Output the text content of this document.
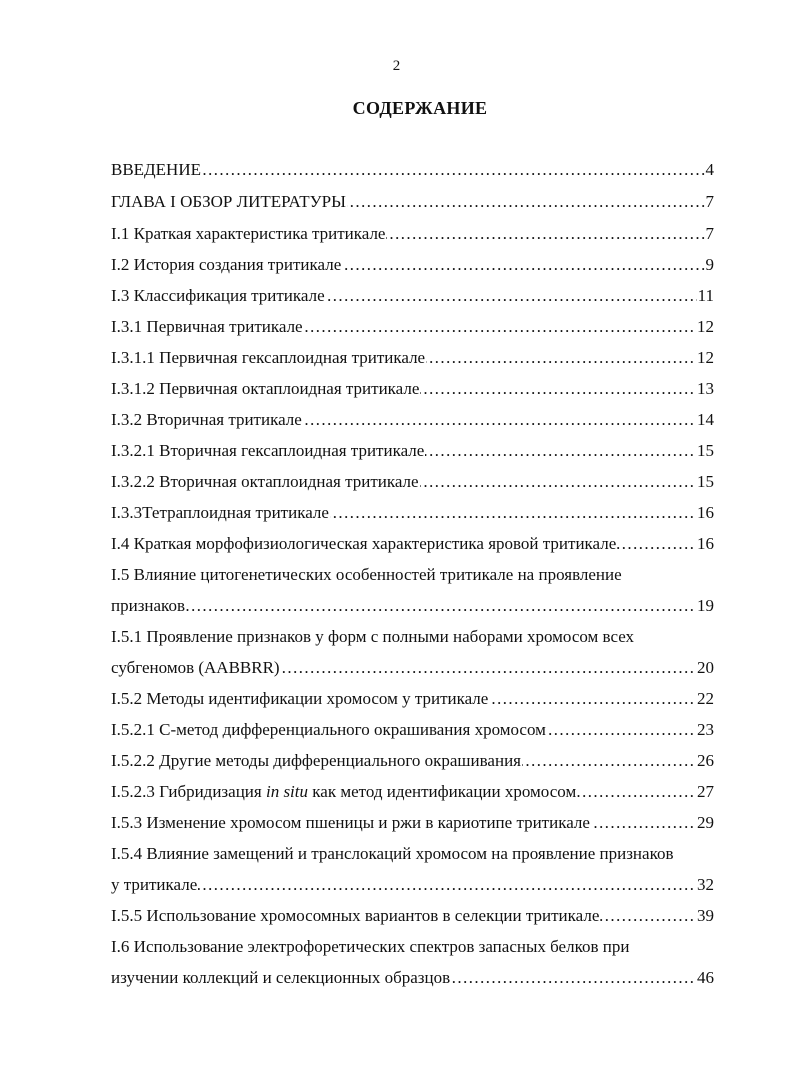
2
СОДЕРЖАНИЕ
……………………………………………………………………………………………………………………………………………………………
ВВЕДЕНИЕ	4
……………………………………………………………………………………………………………………………………………………………
ГЛАВА I ОБЗОР ЛИТЕРАТУРЫ	7
……………………………………………………………………………………………………………………………………………………………
I.1 Краткая характеристика тритикале	7
……………………………………………………………………………………………………………………………………………………………
I.2 История создания тритикале	9
……………………………………………………………………………………………………………………………………………………………
I.3 Классификация тритикале	11
……………………………………………………………………………………………………………………………………………………………
I.3.1 Первичная тритикале	12
……………………………………………………………………………………………………………………………………………………………
I.3.1.1 Первичная гексаплоидная тритикале	12
……………………………………………………………………………………………………………………………………………………………
I.3.1.2 Первичная октаплоидная тритикале	13
……………………………………………………………………………………………………………………………………………………………
I.3.2 Вторичная тритикале	14
……………………………………………………………………………………………………………………………………………………………
I.3.2.1 Вторичная гексаплоидная тритикале	15
……………………………………………………………………………………………………………………………………………………………
I.3.2.2 Вторичная октаплоидная тритикале	15
……………………………………………………………………………………………………………………………………………………………
I.3.3Тетраплоидная тритикале	16
……………………………………………………………………………………………………………………………………………………………
I.4 Краткая морфофизиологическая характеристика яровой тритикале	16
I.5 Влияние цитогенетических особенностей тритикале на проявление
……………………………………………………………………………………………………………………………………………………………
признаков	19
I.5.1 Проявление признаков у форм с полными наборами хромосом всех
……………………………………………………………………………………………………………………………………………………………
субгеномов (AABBRR)	20
……………………………………………………………………………………………………………………………………………………………
I.5.2 Методы идентификации хромосом у тритикале	22
……………………………………………………………………………………………………………………………………………………………
I.5.2.1 С-метод дифференциального окрашивания хромосом	23
……………………………………………………………………………………………………………………………………………………………
I.5.2.2 Другие методы дифференциального окрашивания	26
……………………………………………………………………………………………………………………………………………………………
I.5.2.3 Гибридизация in situ как метод идентификации хромосом	27
……………………………………………………………………………………………………………………………………………………………
I.5.3 Изменение хромосом пшеницы и ржи в кариотипе тритикале	29
I.5.4 Влияние замещений и транслокаций хромосом на проявление признаков
……………………………………………………………………………………………………………………………………………………………
у тритикале	32
……………………………………………………………………………………………………………………………………………………………
I.5.5 Использование хромосомных вариантов в селекции тритикале	39
I.6 Использование электрофоретических спектров запасных белков при
……………………………………………………………………………………………………………………………………………………………
изучении коллекций и селекционных образцов	46
